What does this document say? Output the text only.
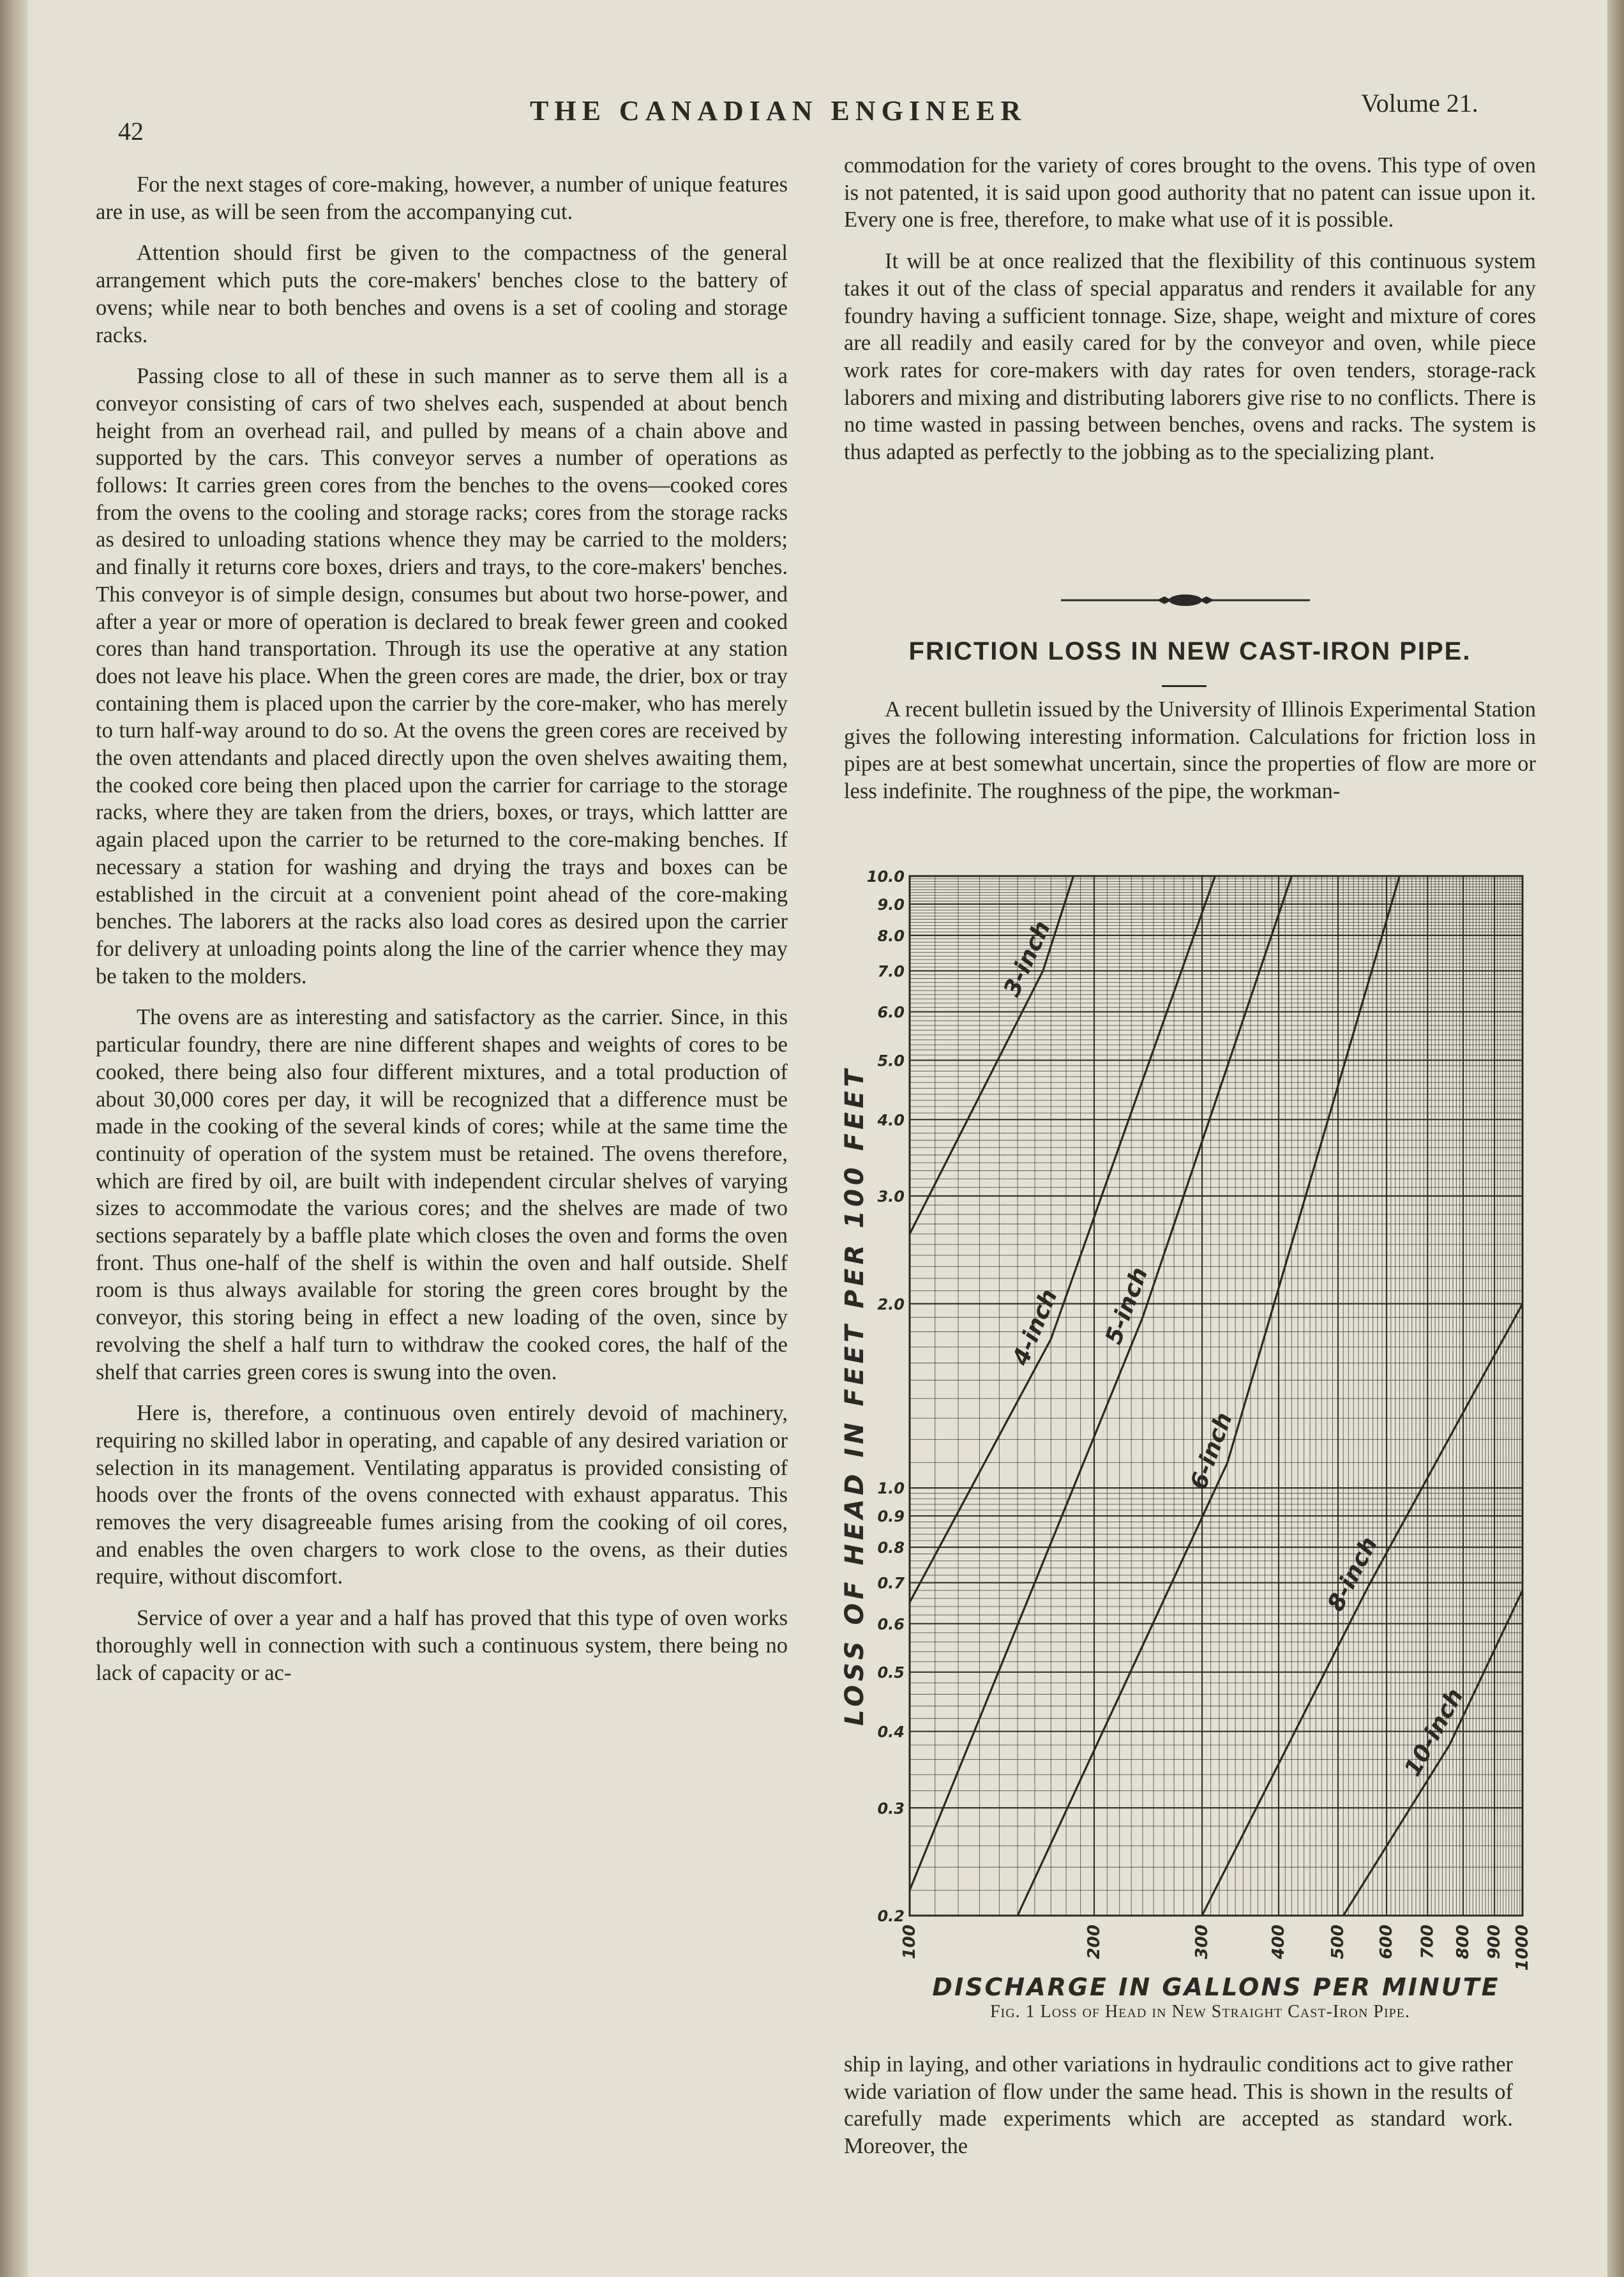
42
THE CANADIAN ENGINEER	Volume 21.

For the next stages of core-making, however, a number of unique features are in use, as will be seen from the accompanying cut.

Attention should first be given to the compactness of the general arrangement which puts the core-makers' benches close to the battery of ovens; while near to both benches and ovens is a set of cooling and storage racks.

Passing close to all of these in such manner as to serve them all is a conveyor consisting of cars of two shelves each, suspended at about bench height from an overhead rail, and pulled by means of a chain above and supported by the cars. This conveyor serves a number of operations as follows: It carries green cores from the benches to the ovens—cooked cores from the ovens to the cooling and storage racks; cores from the storage racks as desired to unloading stations whence they may be carried to the molders; and finally it returns core boxes, driers and trays, to the core-makers' benches. This conveyor is of simple design, consumes but about two horse-power, and after a year or more of operation is declared to break fewer green and cooked cores than hand transportation. Through its use the operative at any station does not leave his place. When the green cores are made, the drier, box or tray containing them is placed upon the carrier by the core-maker, who has merely to turn half-way around to do so. At the ovens the green cores are received by the oven attendants and placed directly upon the oven shelves awaiting them, the cooked core being then placed upon the carrier for carriage to the storage racks, where they are taken from the driers, boxes, or trays, which lattter are again placed upon the carrier to be returned to the core-making benches. If necessary a station for washing and drying the trays and boxes can be established in the circuit at a convenient point ahead of the core-making benches. The laborers at the racks also load cores as desired upon the carrier for delivery at unloading points along the line of the carrier whence they may be taken to the molders.

The ovens are as interesting and satisfactory as the carrier. Since, in this particular foundry, there are nine different shapes and weights of cores to be cooked, there being also four different mixtures, and a total production of about 30,000 cores per day, it will be recognized that a difference must be made in the cooking of the several kinds of cores; while at the same time the continuity of operation of the system must be retained. The ovens therefore, which are fired by oil, are built with independent circular shelves of varying sizes to accommodate the various cores; and the shelves are made of two sections separately by a baffle plate which closes the oven and forms the oven front. Thus one-half of the shelf is within the oven and half outside. Shelf room is thus always available for storing the green cores brought by the conveyor, this storing being in effect a new loading of the oven, since by revolving the shelf a half turn to withdraw the cooked cores, the half of the shelf that carries green cores is swung into the oven.

Here is, therefore, a continuous oven entirely devoid of machinery, requiring no skilled labor in operating, and capable of any desired variation or selection in its management. Ventilating apparatus is provided consisting of hoods over the fronts of the ovens connected with exhaust apparatus. This removes the very disagreeable fumes arising from the cooking of oil cores, and enables the oven chargers to work close to the ovens, as their duties require, without discomfort.

Service of over a year and a half has proved that this type of oven works thoroughly well in connection with such a continuous system, there being no lack of capacity or ac-

commodation for the variety of cores brought to the ovens. This type of oven is not patented, it is said upon good authority that no patent can issue upon it. Every one is free, therefore, to make what use of it is possible.

It will be at once realized that the flexibility of this continuous system takes it out of the class of special apparatus and renders it available for any foundry having a sufficient tonnage. Size, shape, weight and mixture of cores are all readily and easily cared for by the conveyor and oven, while piece work rates for core-makers with day rates for oven tenders, storage-rack laborers and mixing and distributing laborers give rise to no conflicts. There is no time wasted in passing between benches, ovens and racks. The system is thus adapted as perfectly to the jobbing as to the specializing plant.

FRICTION LOSS IN NEW CAST-IRON PIPE.

A recent bulletin issued by the University of Illinois Experimental Station gives the following interesting information. Calculations for friction loss in pipes are at best somewhat uncertain, since the properties of flow are more or less indefinite. The roughness of the pipe, the workman-

3-inch
4-inch 5-inch
6-inch
8-inch
10-inch
0.2
0.3
0.4
0.5
0.6
0.7
0.8
0.9
1.0
2.0
3.0
4.0
5.0
6.0
7.0
8.0
9.0
10.0
100	200	300	400 500 600 700 800 900 1000
DISCHARGE IN GALLONS PER MINUTE
LOSS OF HEAD IN FEET PER 100 FEET
Fig. 1 Loss of Head in New Straight Cast-Iron Pipe.

ship in laying, and other variations in hydraulic conditions act to give rather wide variation of flow under the same head. This is shown in the results of carefully made experiments which are accepted as standard work. Moreover, the
